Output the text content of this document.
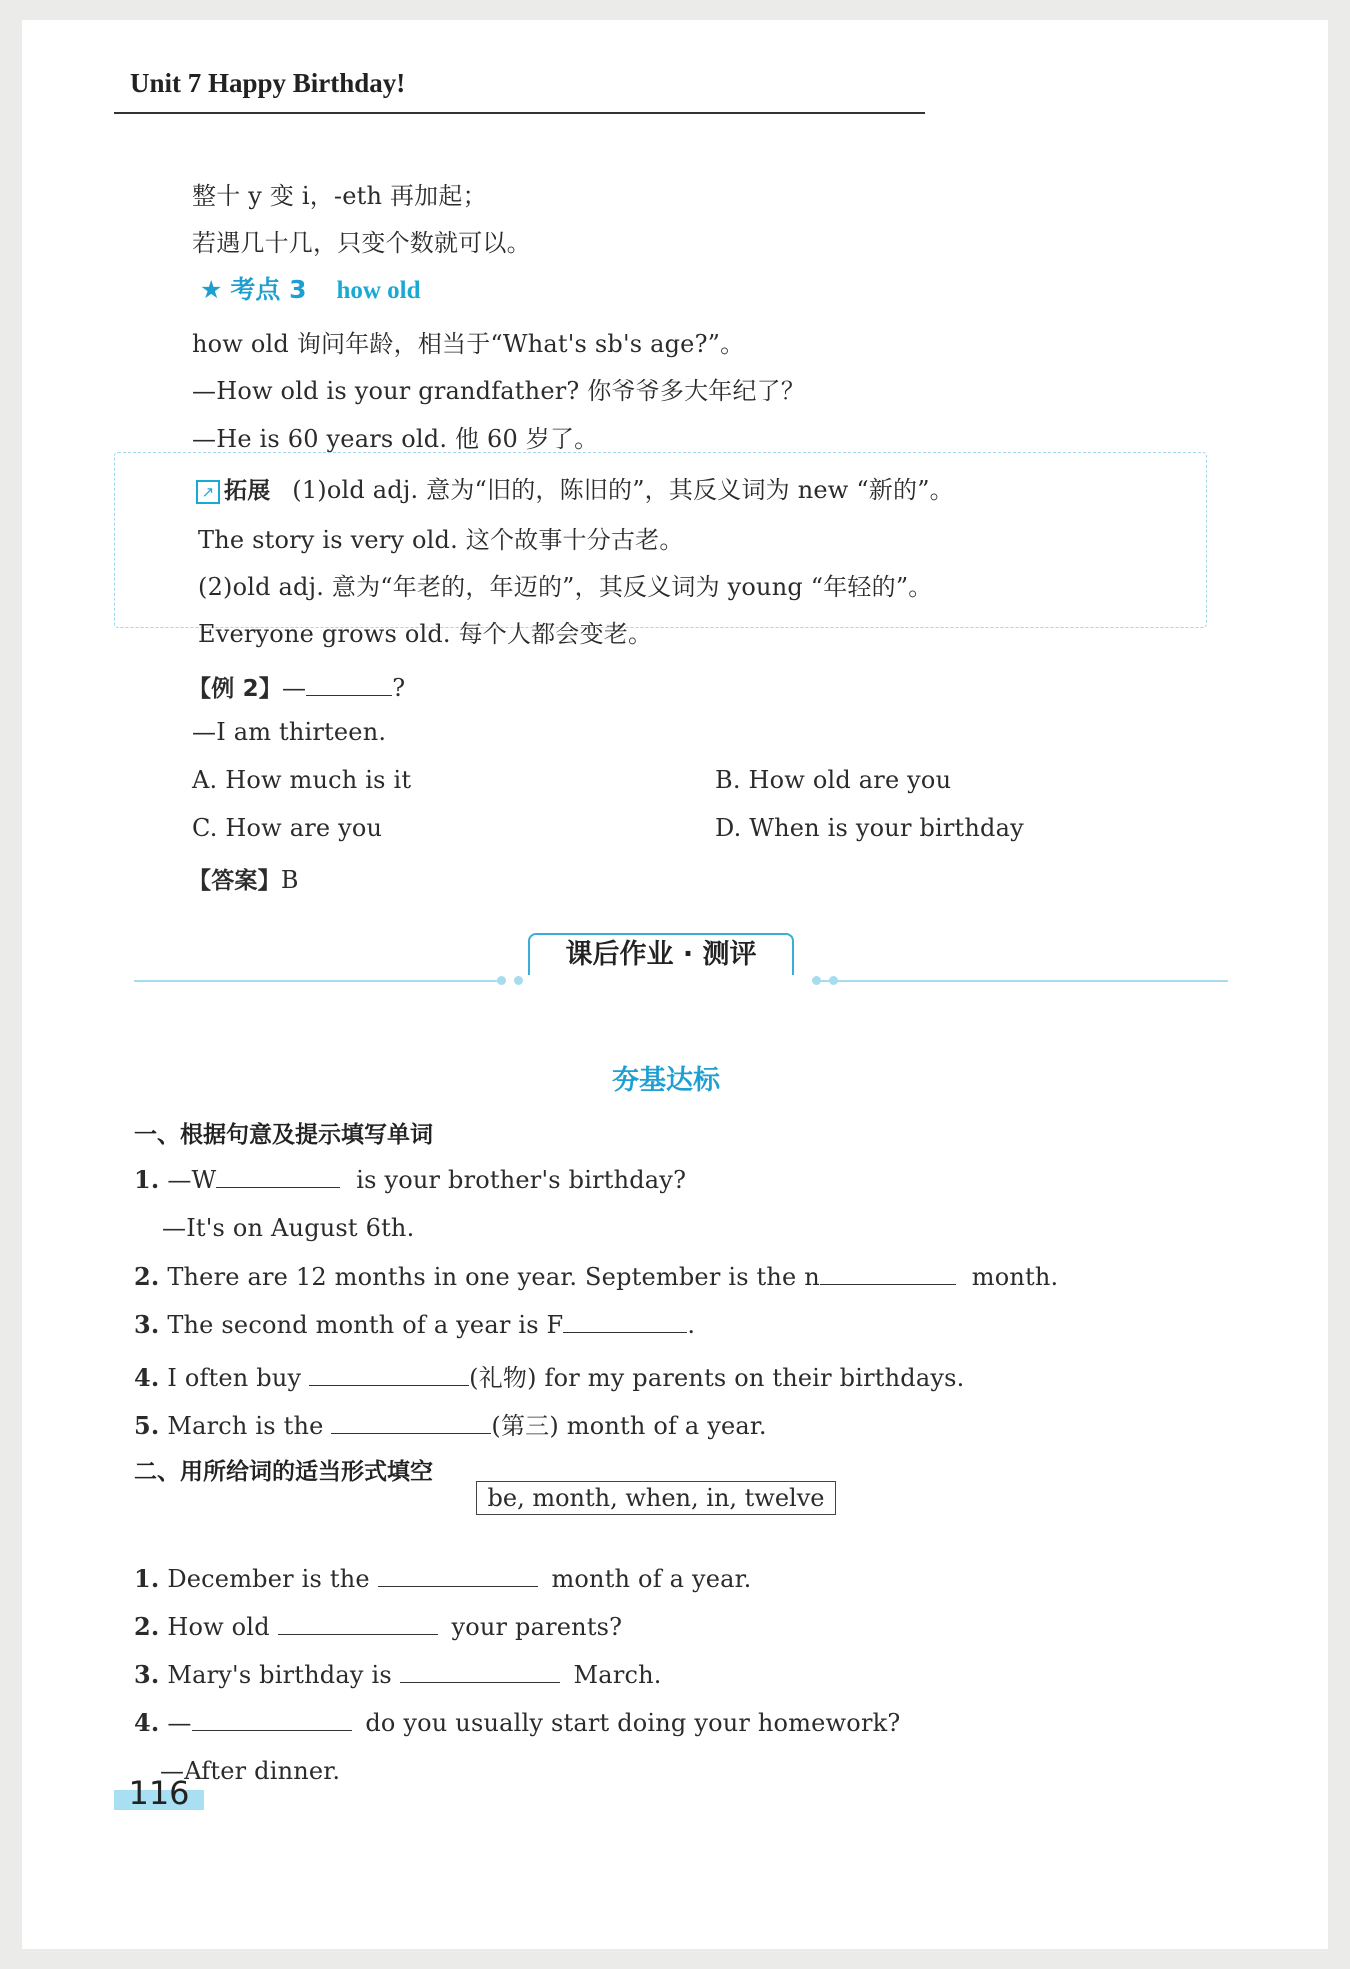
Unit 7 Happy Birthday!
整十 y 变 i，-eth 再加起；
若遇几十几，只变个数就可以。
★ 考点 3 how old
how old 询问年龄，相当于“What's sb's age?”。
—How old is your grandfather? 你爷爷多大年纪了？
—He is 60 years old. 他 60 岁了。
↗ 拓展 (1)old adj. 意为“旧的，陈旧的”，其反义词为 new “新的”。
The story is very old. 这个故事十分古老。
(2)old adj. 意为“年老的，年迈的”，其反义词为 young “年轻的”。
Everyone grows old. 每个人都会变老。
【例 2】—	?
—I am thirteen.
A. How much is it	B. How old are you
C. How are you	D. When is your birthday
【答案】B
课后作业 · 测评
夯基达标
一、根据句意及提示填写单词
1. —W	is your brother's birthday?
—It's on August 6th.
2. There are 12 months in one year. September is the n	month.
3. The second month of a year is F	.
4. I often buy	(礼物) for my parents on their birthdays.
5. March is the	(第三) month of a year.
二、用所给词的适当形式填空
be, month, when, in, twelve
1. December is the	month of a year.
2. How old	your parents?
3. Mary's birthday is	March.
4. —	do you usually start doing your homework?
—After dinner.
116
